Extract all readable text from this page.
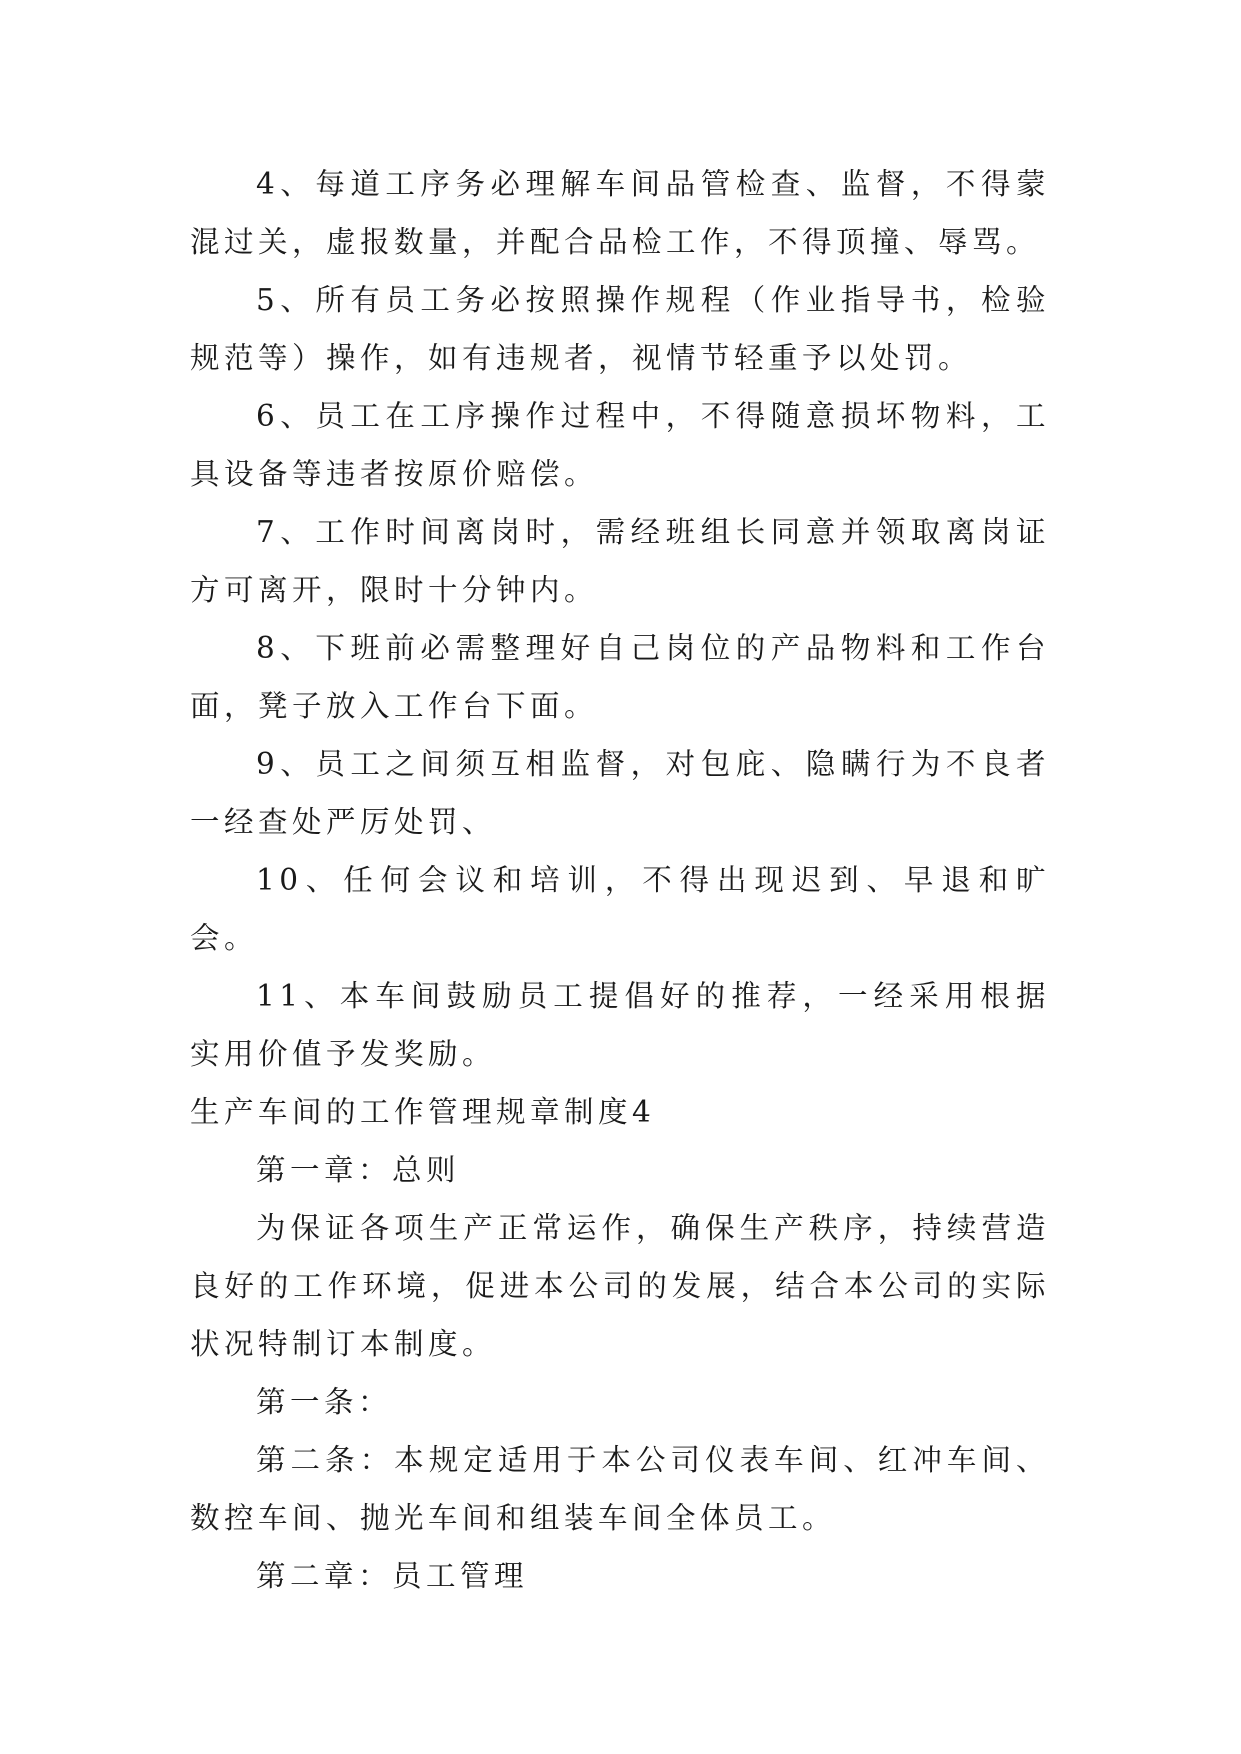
4、每道工序务必理解车间品管检查、监督，不得蒙混过关，虚报数量，并配合品检工作，不得顶撞、辱骂。

5、所有员工务必按照操作规程（作业指导书，检验规范等）操作，如有违规者，视情节轻重予以处罚。

6、员工在工序操作过程中，不得随意损坏物料，工具设备等违者按原价赔偿。

7、工作时间离岗时，需经班组长同意并领取离岗证方可离开，限时十分钟内。

8、下班前必需整理好自己岗位的产品物料和工作台面，凳子放入工作台下面。

9、员工之间须互相监督，对包庇、隐瞒行为不良者一经查处严厉处罚、

10、任何会议和培训，不得出现迟到、早退和旷会。

11、本车间鼓励员工提倡好的推荐，一经采用根据实用价值予发奖励。

生产车间的工作管理规章制度4

第一章：总则

为保证各项生产正常运作，确保生产秩序，持续营造良好的工作环境，促进本公司的发展，结合本公司的实际状况特制订本制度。

第一条：

第二条：本规定适用于本公司仪表车间、红冲车间、数控车间、抛光车间和组装车间全体员工。

第二章：员工管理
